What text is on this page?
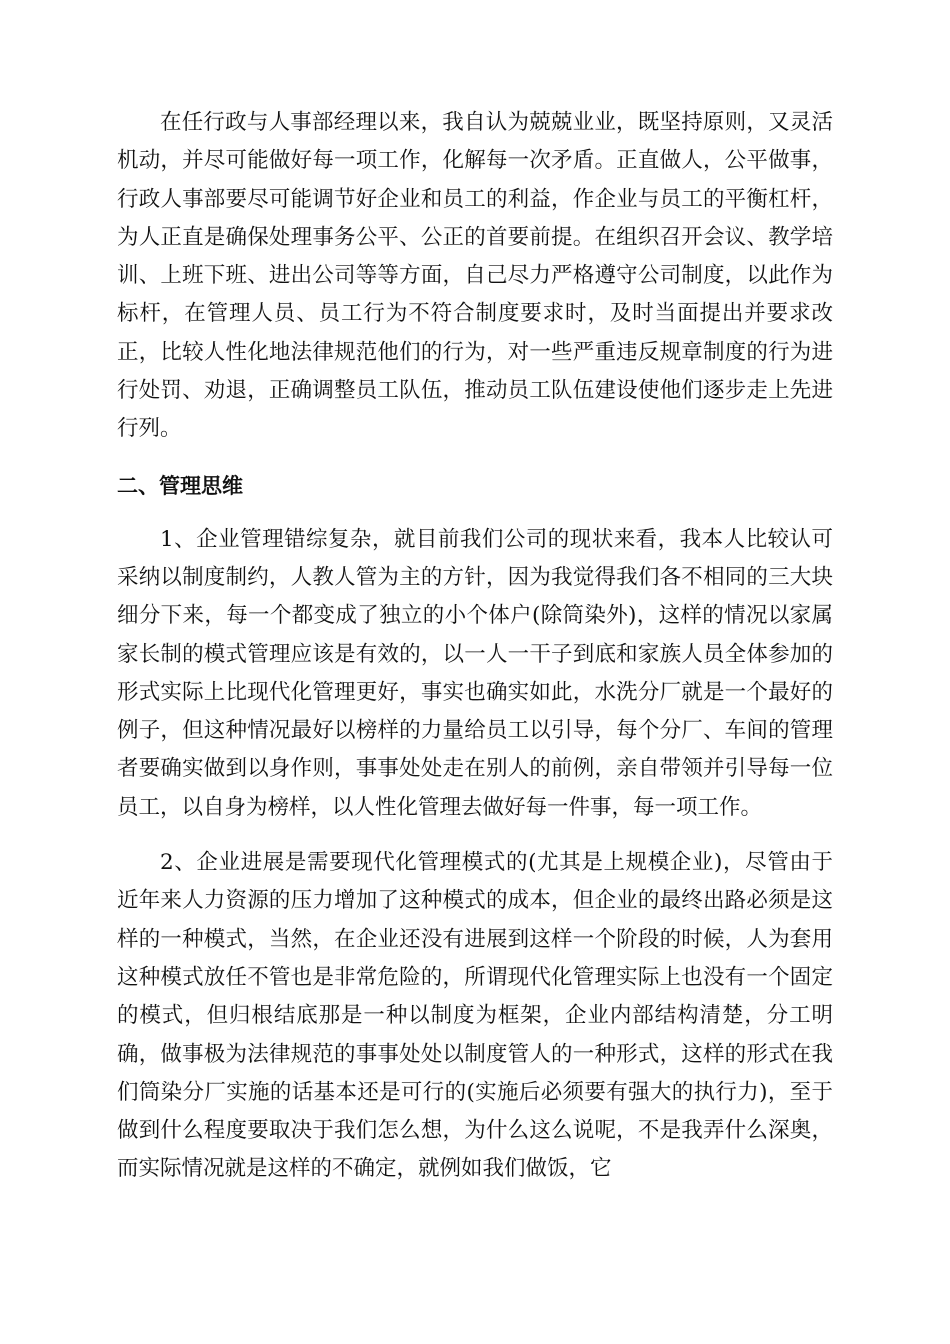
在任行政与人事部经理以来，我自认为兢兢业业，既坚持原则，又灵活机动，并尽可能做好每一项工作，化解每一次矛盾。正直做人，公平做事，行政人事部要尽可能调节好企业和员工的利益，作企业与员工的平衡杠杆，为人正直是确保处理事务公平、公正的首要前提。在组织召开会议、教学培训、上班下班、进出公司等等方面，自己尽力严格遵守公司制度，以此作为标杆，在管理人员、员工行为不符合制度要求时，及时当面提出并要求改正，比较人性化地法律规范他们的行为，对一些严重违反规章制度的行为进行处罚、劝退，正确调整员工队伍，推动员工队伍建设使他们逐步走上先进行列。

二、管理思维

1、企业管理错综复杂，就目前我们公司的现状来看，我本人比较认可采纳以制度制约，人教人管为主的方针，因为我觉得我们各不相同的三大块细分下来，每一个都变成了独立的小个体户(除筒染外)，这样的情况以家属家长制的模式管理应该是有效的，以一人一干子到底和家族人员全体参加的形式实际上比现代化管理更好，事实也确实如此，水洗分厂就是一个最好的例子，但这种情况最好以榜样的力量给员工以引导，每个分厂、车间的管理者要确实做到以身作则，事事处处走在别人的前例，亲自带领并引导每一位员工，以自身为榜样，以人性化管理去做好每一件事，每一项工作。

2、企业进展是需要现代化管理模式的(尤其是上规模企业)，尽管由于近年来人力资源的压力增加了这种模式的成本，但企业的最终出路必须是这样的一种模式，当然，在企业还没有进展到这样一个阶段的时候，人为套用这种模式放任不管也是非常危险的，所谓现代化管理实际上也没有一个固定的模式，但归根结底那是一种以制度为框架，企业内部结构清楚，分工明确，做事极为法律规范的事事处处以制度管人的一种形式，这样的形式在我们筒染分厂实施的话基本还是可行的(实施后必须要有强大的执行力)，至于做到什么程度要取决于我们怎么想，为什么这么说呢，不是我弄什么深奥，而实际情况就是这样的不确定，就例如我们做饭，它
